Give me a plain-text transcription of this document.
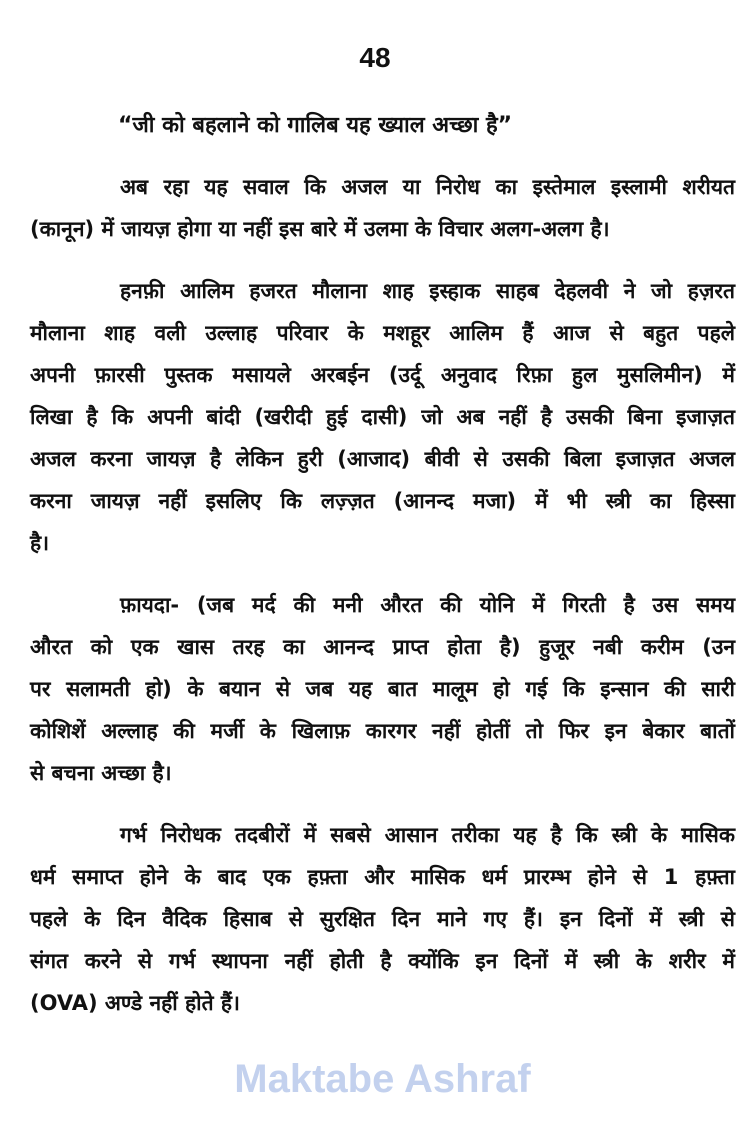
48
“जी को बहलाने को गालिब यह ख्याल अच्छा है”
अब रहा यह सवाल कि अजल या निरोध का इस्तेमाल इस्लामी शरीयत
(कानून) में जायज़ होगा या नहीं इस बारे में उलमा के विचार अलग-अलग है।
हनफ़ी आलिम हजरत मौलाना शाह इस्हाक साहब देहलवी ने जो हज़रत
मौलाना शाह वली उल्लाह परिवार के मशहूर आलिम हैं आज से बहुत पहले
अपनी फ़ारसी पुस्तक मसायले अरबईन (उर्दू अनुवाद रिफ़ा हुल मुसलिमीन) में
लिखा है कि अपनी बांदी (खरीदी हुई दासी) जो अब नहीं है उसकी बिना इजाज़त
अजल करना जायज़ है लेकिन हुरी (आजाद) बीवी से उसकी बिला इजाज़त अजल
करना जायज़ नहीं इसलिए कि लज़्ज़त (आनन्द मजा) में भी स्त्री का हिस्सा
है।
फ़ायदा- (जब मर्द की मनी औरत की योनि में गिरती है उस समय
औरत को एक खास तरह का आनन्द प्राप्त होता है) हुजूर नबी करीम (उन
पर सलामती हो) के बयान से जब यह बात मालूम हो गई कि इन्सान की सारी
कोशिशें अल्लाह की मर्जी के खिलाफ़ कारगर नहीं होतीं तो फिर इन बेकार बातों
से बचना अच्छा है।
गर्भ निरोधक तदबीरों में सबसे आसान तरीका यह है कि स्त्री के मासिक
धर्म समाप्त होने के बाद एक हफ़्ता और मासिक धर्म प्रारम्भ होने से 1 हफ़्ता
पहले के दिन वैदिक हिसाब से सुरक्षित दिन माने गए हैं। इन दिनों में स्त्री से
संगत करने से गर्भ स्थापना नहीं होती है क्योंकि इन दिनों में स्त्री के शरीर में
(OVA) अण्डे नहीं होते हैं।
Maktabe Ashraf
